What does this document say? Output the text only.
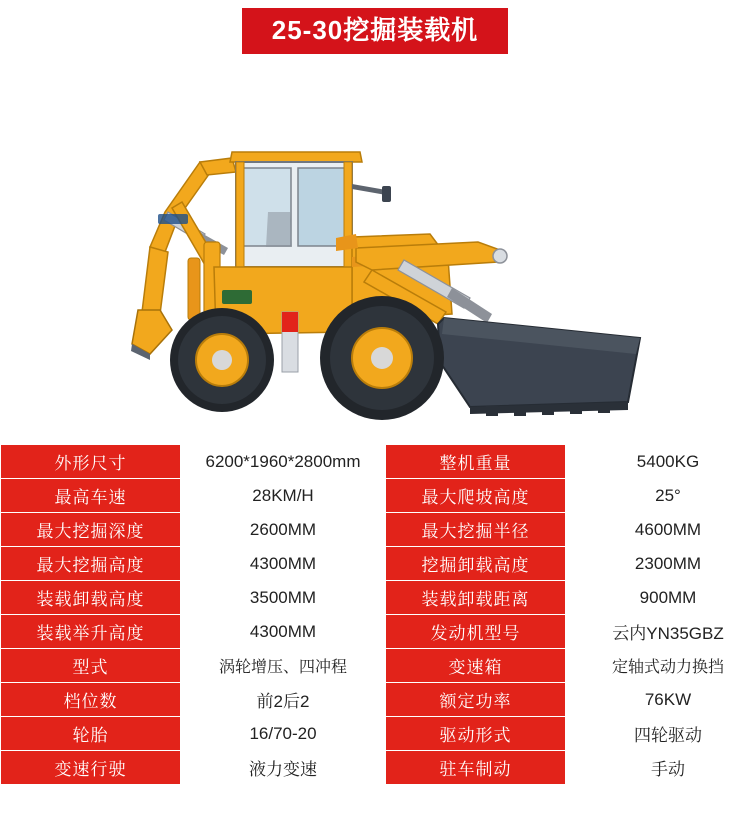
25-30挖掘装载机
外形尺寸	6200*1960*2800mm	整机重量	5400KG
最高车速	28KM/H	最大爬坡高度	25°
最大挖掘深度	2600MM	最大挖掘半径	4600MM
最大挖掘高度	4300MM	挖掘卸载高度	2300MM
装载卸载高度	3500MM	装载卸载距离	900MM
装载举升高度	4300MM	发动机型号	云内YN35GBZ
型式	涡轮增压、四冲程	变速箱	定轴式动力换挡
档位数	前2后2	额定功率	76KW
轮胎	16/70-20	驱动形式	四轮驱动
变速行驶	液力变速	驻车制动	手动
